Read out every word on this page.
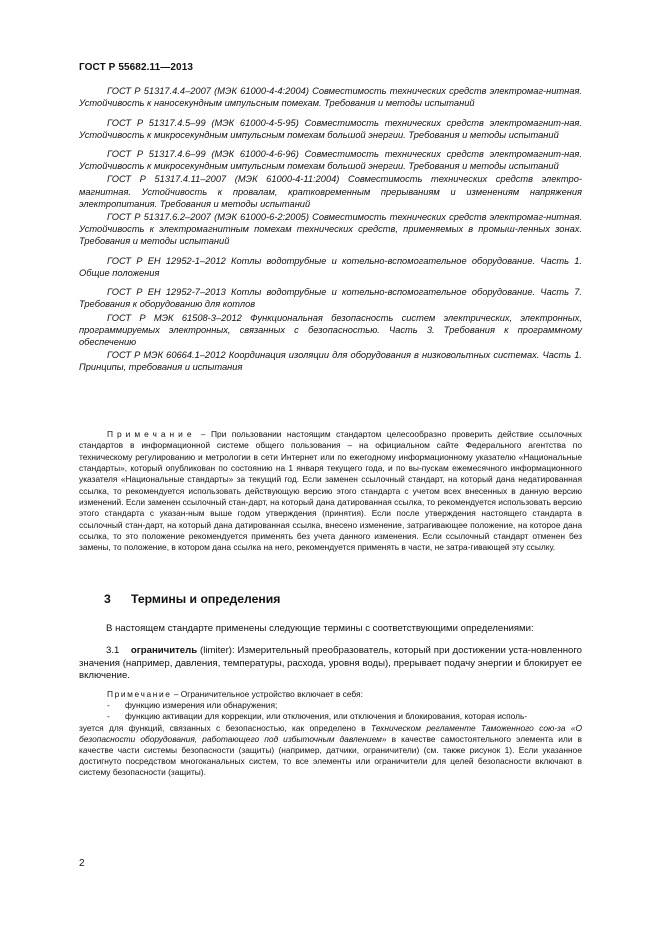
ГОСТ Р 55682.11—2013

ГОСТ Р 51317.4.4–2007 (МЭК 61000-4-4:2004) Совместимость технических средств электромаг-нитная. Устойчивость к наносекундным импульсным помехам. Требования и методы испытаний

ГОСТ Р 51317.4.5–99 (МЭК 61000-4-5-95) Совместимость технических средств электромагнит-ная. Устойчивость к микросекундным импульсным помехам большой энергии. Требования и методы испытаний

ГОСТ Р 51317.4.6–99 (МЭК 61000-4-6-96) Совместимость технических средств электромагнит-ная. Устойчивость к микросекундным импульсным помехам большой энергии. Требования и методы испытаний

ГОСТ Р 51317.4.11–2007 (МЭК 61000-4-11:2004) Совместимость технических средств электро-магнитная. Устойчивость к провалам, кратковременным прерываниям и изменениям напряжения электропитания. Требования и методы испытаний

ГОСТ Р 51317.6.2–2007 (МЭК 61000-6-2:2005) Совместимость технических средств электромаг-нитная. Устойчивость к электромагнитным помехам технических средств, применяемых в промыш-ленных зонах. Требования и методы испытаний

ГОСТ Р ЕН 12952-1–2012 Котлы водотрубные и котельно-вспомогательное оборудование. Часть 1. Общие положения

ГОСТ Р ЕН 12952-7–2013 Котлы водотрубные и котельно-вспомогательное оборудование. Часть 7. Требования к оборудованию для котлов

ГОСТ Р МЭК 61508-3–2012 Функциональная безопасность систем электрических, электронных, программируемых электронных, связанных с безопасностью. Часть 3. Требования к программному обеспечению

ГОСТ Р МЭК 60664.1–2012 Координация изоляции для оборудования в низковольтных системах. Часть 1. Принципы, требования и испытания

Примечание – При пользовании настоящим стандартом целесообразно проверить действие ссылочных стандартов в информационной системе общего пользования – на официальном сайте Федерального агентства по техническому регулированию и метрологии в сети Интернет или по ежегодному информационному указателю «Национальные стандарты», который опубликован по состоянию на 1 января текущего года, и по вы-пускам ежемесячного информационного указателя «Национальные стандарты» за текущий год. Если заменен ссылочный стандарт, на который дана недатированная ссылка, то рекомендуется использовать действующую версию этого стандарта с учетом всех внесенных в данную версию изменений. Если заменен ссылочный стан-дарт, на который дана датированная ссылка, то рекомендуется использовать версию этого стандарта с указан-ным выше годом утверждения (принятия). Если после утверждения настоящего стандарта в ссылочный стан-дарт, на который дана датированная ссылка, внесено изменение, затрагивающее положение, на которое дана ссылка, то это положение рекомендуется применять без учета данного изменения. Если ссылочный стандарт отменен без замены, то положение, в котором дана ссылка на него, рекомендуется применять в части, не затра-гивающей эту ссылку.

3 Термины и определения

В настоящем стандарте применены следующие термины с соответствующими определениями:

3.1 ограничитель (limiter): Измерительный преобразователь, который при достижении уста-новленного значения (например, давления, температуры, расхода, уровня воды), прерывает подачу энергии и блокирует ее включение.

Примечание – Ограничительное устройство включает в себя:

-	функцию измерения или обнаружения;

-	функцию активации для коррекции, или отключения, или отключения и блокирования, которая исполь-

зуется для функций, связанных с безопасностью, как определено в Техническом регламенте Таможенного сою-за «О безопасности оборудования, работающего под избыточным давлением» в качестве самостоятельного элемента или в качестве части системы безопасности (защиты) (например, датчики, ограничители) (см. также рисунок 1). Если указанное достигнуто посредством многоканальных систем, то все элементы или ограничители для целей безопасности включают в систему безопасности (защиты).

2
